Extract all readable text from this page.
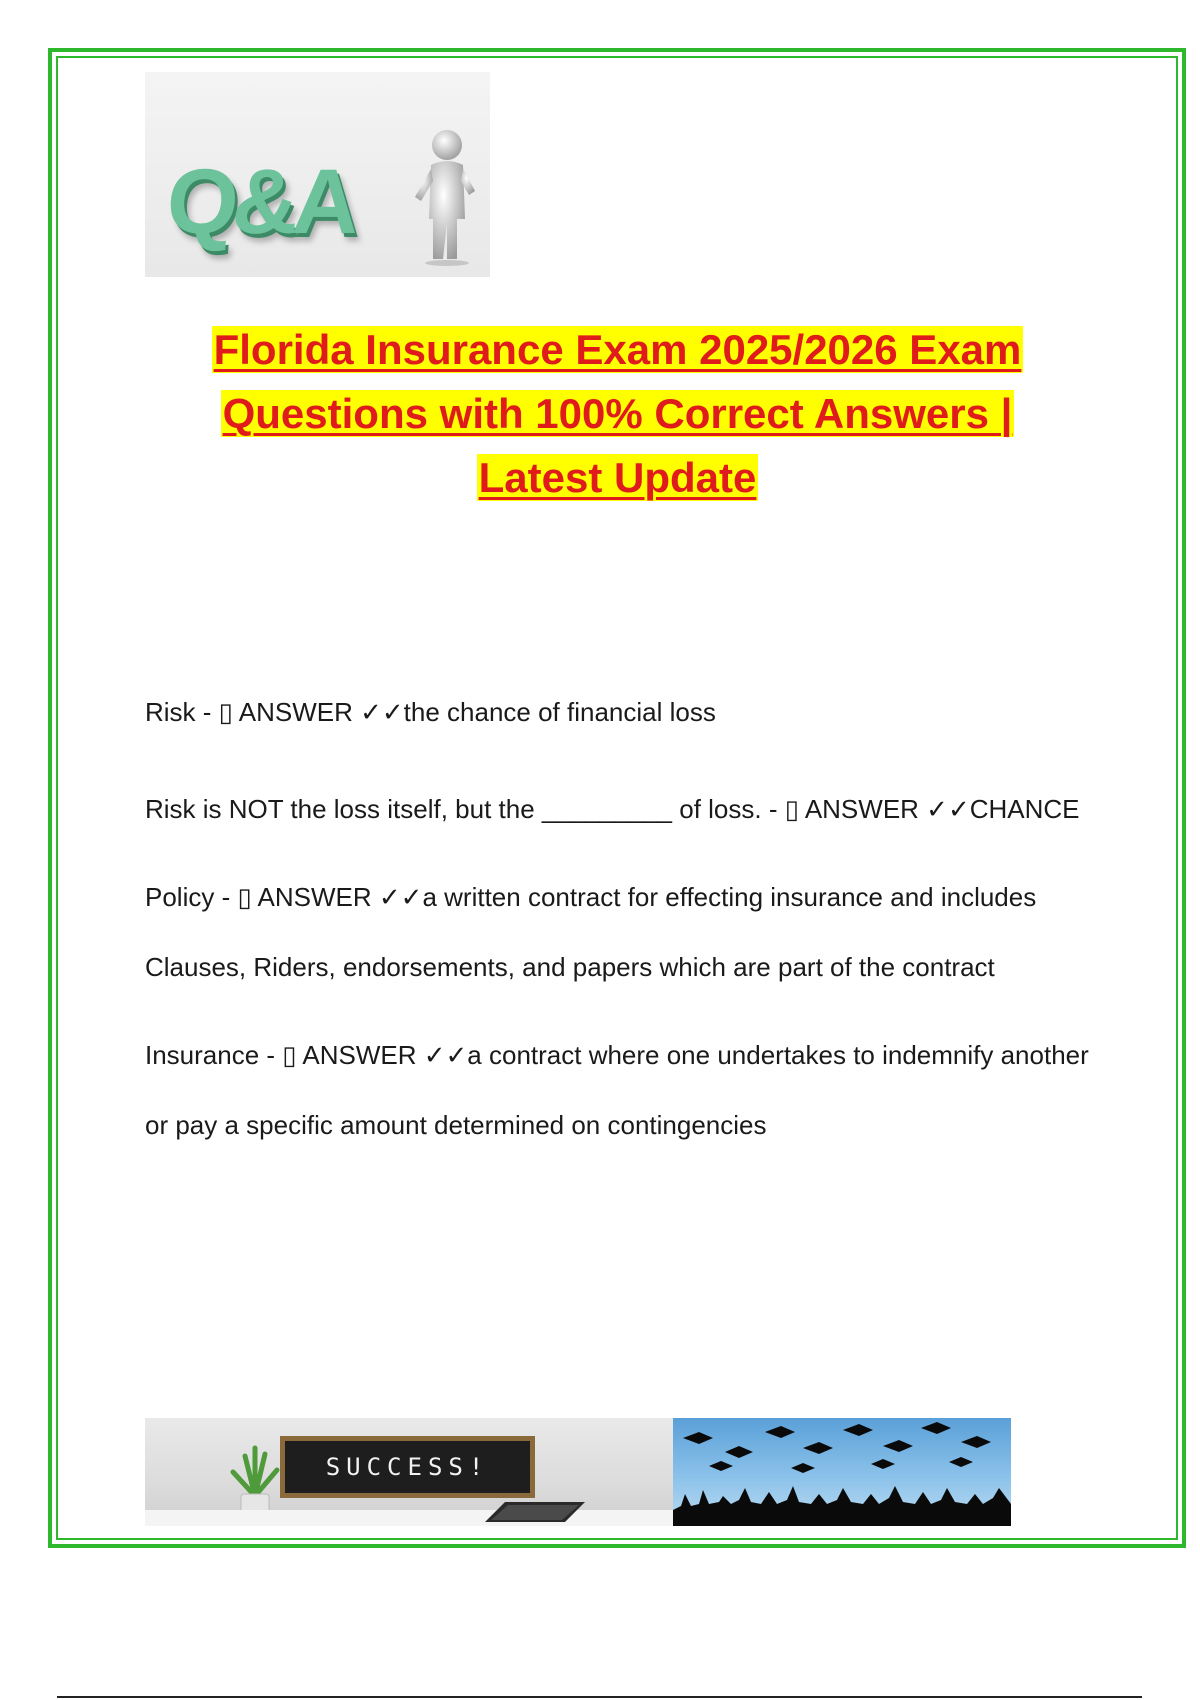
Q&A
Florida Insurance Exam 2025/2026 Exam
Questions with 100% Correct Answers |
Latest Update

Risk - ▯ ANSWER ✓✓the chance of financial loss

Risk is NOT the loss itself, but the _________ of loss. - ▯ ANSWER ✓✓CHANCE

Policy - ▯ ANSWER ✓✓a written contract for effecting insurance and includes Clauses, Riders, endorsements, and papers which are part of the contract

Insurance - ▯ ANSWER ✓✓a contract where one undertakes to indemnify another or pay a specific amount determined on contingencies

SUCCESS!
